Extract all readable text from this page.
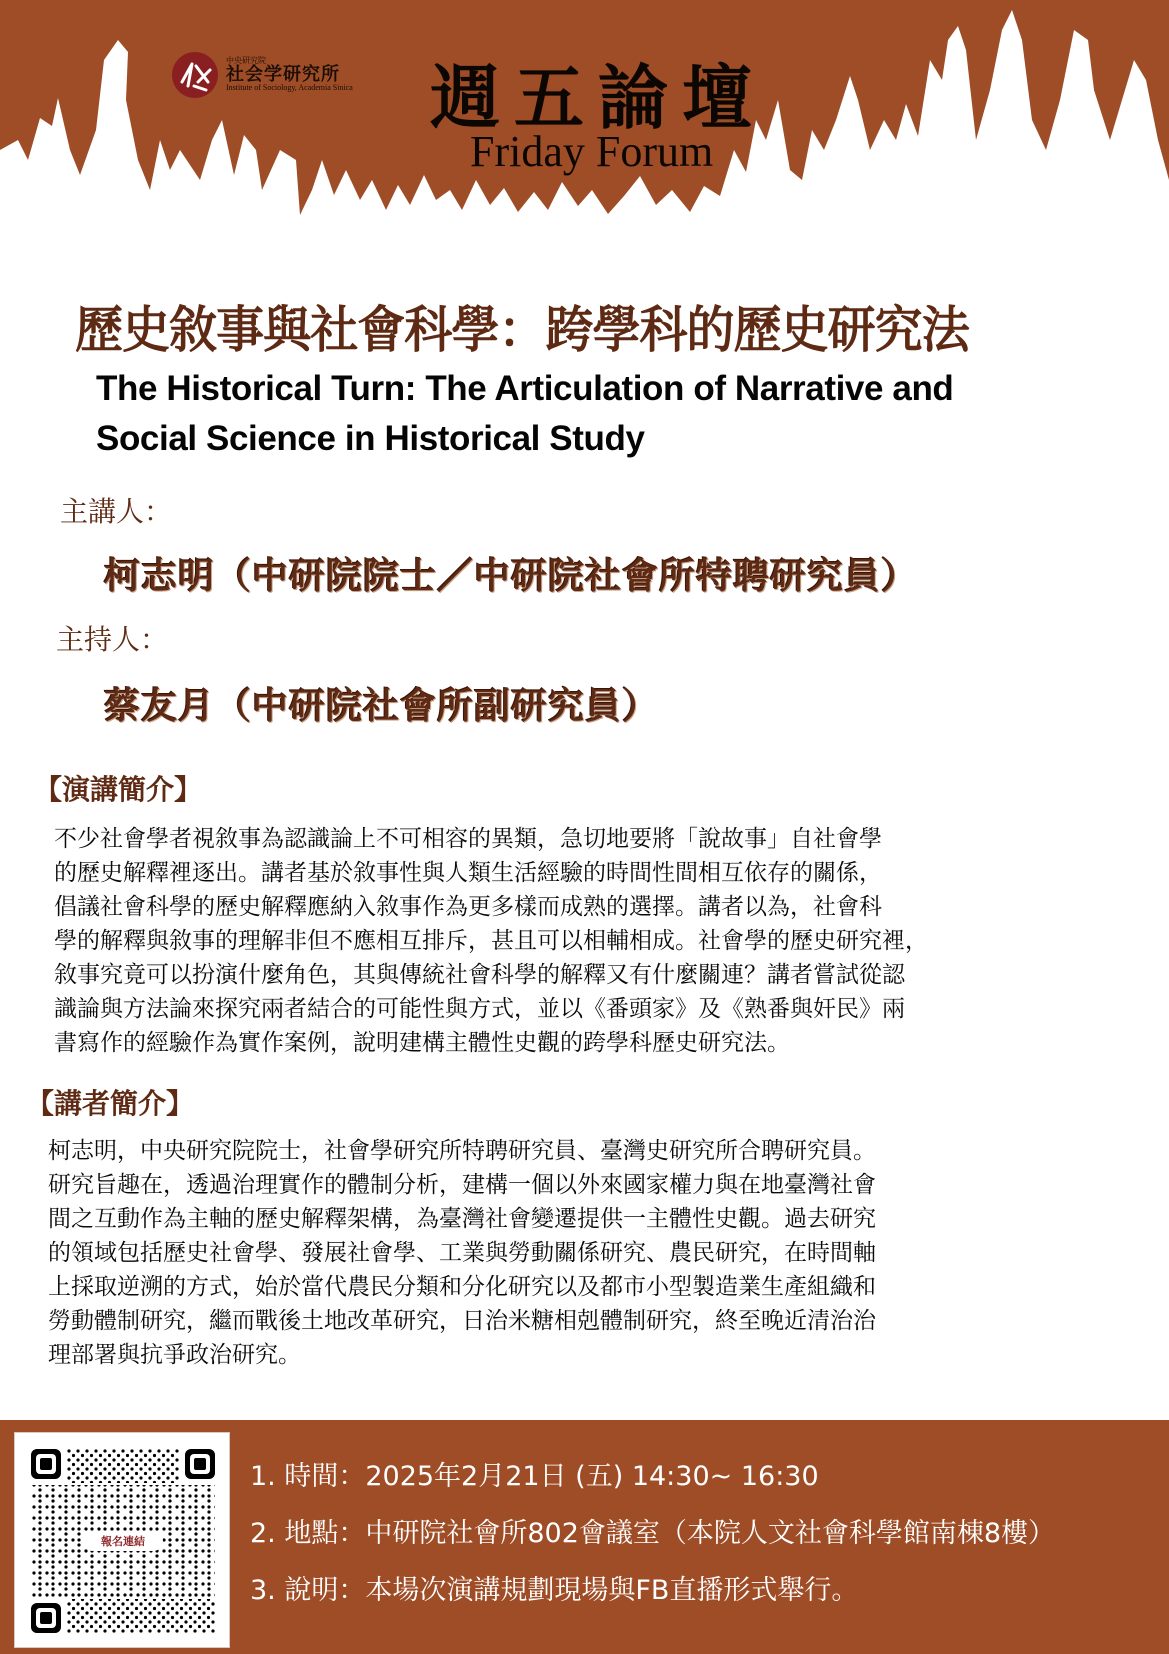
中央研究院
社会学研究所
Institute of Sociology, Academia Sinica 週五論壇
Friday Forum
歷史敘事與社會科學：跨學科的歷史研究法
The Historical Turn: The Articulation of Narrative and
Social Science in Historical Study
主講人：
柯志明（中研院院士／中研院社會所特聘研究員）
主持人：
蔡友月（中研院社會所副研究員）
【演講簡介】

不少社會學者視敘事為認識論上不可相容的異類，急切地要將「說故事」自社會學

的歷史解釋裡逐出。講者基於敘事性與人類生活經驗的時間性間相互依存的關係，

倡議社會科學的歷史解釋應納入敘事作為更多樣而成熟的選擇。講者以為，社會科

學的解釋與敘事的理解非但不應相互排斥，甚且可以相輔相成。社會學的歷史研究裡，

敘事究竟可以扮演什麼角色，其與傳統社會科學的解釋又有什麼關連？講者嘗試從認

識論與方法論來探究兩者結合的可能性與方式，並以《番頭家》及《熟番與奸民》兩

書寫作的經驗作為實作案例，說明建構主體性史觀的跨學科歷史研究法。

【講者簡介】

柯志明，中央研究院院士，社會學研究所特聘研究員、臺灣史研究所合聘研究員。

研究旨趣在，透過治理實作的體制分析，建構一個以外來國家權力與在地臺灣社會

間之互動作為主軸的歷史解釋架構，為臺灣社會變遷提供一主體性史觀。過去研究

的領域包括歷史社會學、發展社會學、工業與勞動關係研究、農民研究，在時間軸

上採取逆溯的方式，始於當代農民分類和分化研究以及都市小型製造業生產組織和

勞動體制研究，繼而戰後土地改革研究，日治米糖相剋體制研究，終至晚近清治治

理部署與抗爭政治研究。

報名連結
1. 時間：2025年2月21日 (五) 14:30~ 16:30
2. 地點：中研院社會所802會議室（本院人文社會科學館南棟8樓）
3. 說明：本場次演講規劃現場與FB直播形式舉行。
